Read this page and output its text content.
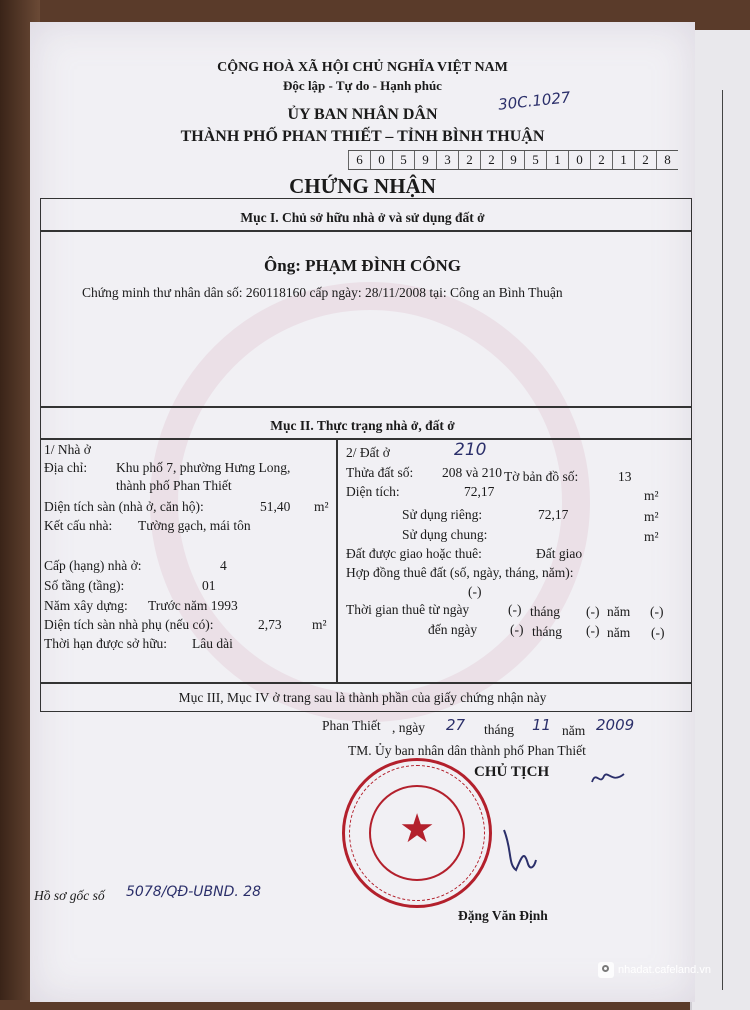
CỘNG HOÀ XÃ HỘI CHỦ NGHĨA VIỆT NAM
Độc lập - Tự do - Hạnh phúc
ỦY BAN NHÂN DÂN
THÀNH PHỐ PHAN THIẾT – TỈNH BÌNH THUẬN
30C.1027
6	0	5	9	3	2	2	9	5	1	0	2	1	2	8
CHỨNG NHẬN
Mục I. Chủ sở hữu nhà ở và sử dụng đất ở
Ông: PHẠM ĐÌNH CÔNG
Chứng minh thư nhân dân số: 260118160 cấp ngày: 28/11/2008 tại: Công an Bình Thuận
Mục II. Thực trạng nhà ở, đất ở
1/ Nhà ở
Địa chỉ: Khu phố 7, phường Hưng Long,
thành phố Phan Thiết
Diện tích sàn (nhà ở, căn hộ):	51,40 m²
Kết cấu nhà: Tường gạch, mái tôn
Cấp (hạng) nhà ở:	4
Số tầng (tầng):	01
Năm xây dựng: Trước năm 1993
Diện tích sàn nhà phụ (nếu có):	2,73 m²
Thời hạn được sở hữu: Lâu dài
2/ Đất ở	210
Thửa đất số: 208 và 210 Tờ bản đồ số:	13
Diện tích:	72,17	m²
Sử dụng riêng:	72,17	m²
Sử dụng chung:	m²
Đất được giao hoặc thuê:	Đất giao
Hợp đồng thuê đất (số, ngày, tháng, năm):
(-)
Thời gian thuê từ ngày	(-) tháng (-) năm (-)
đến ngày (-) tháng (-) năm (-)
Mục III, Mục IV ở trang sau là thành phần của giấy chứng nhận này
Phan Thiết , ngày 27 tháng 11 năm 2009
TM. Ủy ban nhân dân thành phố Phan Thiết
CHỦ TỊCH
Đặng Văn Định
Hồ sơ gốc số 5078/QĐ-UBND. 28
★
nhadat.cafeland.vn
